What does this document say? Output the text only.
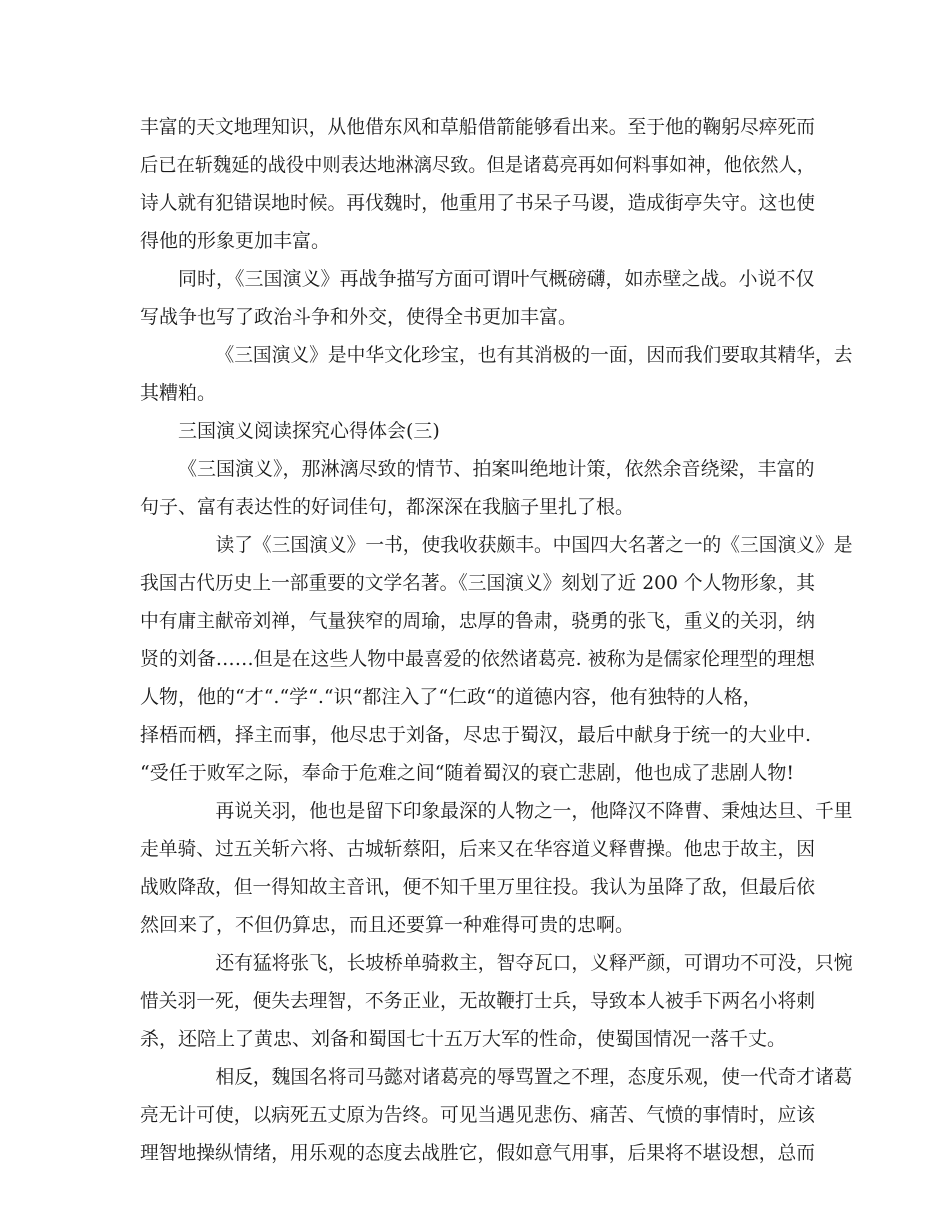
丰富的天文地理知识，从他借东风和草船借箭能够看出来。至于他的鞠躬尽瘁死而
后已在斩魏延的战役中则表达地淋漓尽致。但是诸葛亮再如何料事如神，他依然人，
诗人就有犯错误地时候。再伐魏时，他重用了书呆子马谡，造成街亭失守。这也使
得他的形象更加丰富。
同时，《三国演义》再战争描写方面可谓叶气概磅礴，如赤壁之战。小说不仅
写战争也写了政治斗争和外交，使得全书更加丰富。
《三国演义》是中华文化珍宝，也有其消极的一面，因而我们要取其精华，去
其糟粕。
三国演义阅读探究心得体会(三)
《三国演义》，那淋漓尽致的情节、拍案叫绝地计策，依然余音绕梁，丰富的
句子、富有表达性的好词佳句，都深深在我脑子里扎了根。
读了《三国演义》一书，使我收获颇丰。中国四大名著之一的《三国演义》是
我国古代历史上一部重要的文学名著。《三国演义》刻划了近 200 个人物形象，其
中有庸主献帝刘禅，气量狭窄的周瑜，忠厚的鲁肃，骁勇的张飞，重义的关羽，纳
贤的刘备……但是在这些人物中最喜爱的依然诸葛亮. 被称为是儒家伦理型的理想
人物，他的“才“.“学“.“识“都注入了“仁政“的道德内容，他有独特的人格，
择梧而栖，择主而事，他尽忠于刘备，尽忠于蜀汉，最后中献身于统一的大业中.
“受任于败军之际，奉命于危难之间“随着蜀汉的衰亡悲剧，他也成了悲剧人物!
再说关羽，他也是留下印象最深的人物之一，他降汉不降曹、秉烛达旦、千里
走单骑、过五关斩六将、古城斩蔡阳，后来又在华容道义释曹操。他忠于故主，因
战败降敌，但一得知故主音讯，便不知千里万里往投。我认为虽降了敌，但最后依
然回来了，不但仍算忠，而且还要算一种难得可贵的忠啊。
还有猛将张飞，长坡桥单骑救主，智夺瓦口，义释严颜，可谓功不可没，只惋
惜关羽一死，便失去理智，不务正业，无故鞭打士兵，导致本人被手下两名小将刺
杀，还陪上了黄忠、刘备和蜀国七十五万大军的性命，使蜀国情况一落千丈。
相反，魏国名将司马懿对诸葛亮的辱骂置之不理，态度乐观，使一代奇才诸葛
亮无计可使，以病死五丈原为告终。可见当遇见悲伤、痛苦、气愤的事情时，应该
理智地操纵情绪，用乐观的态度去战胜它，假如意气用事，后果将不堪设想，总而
